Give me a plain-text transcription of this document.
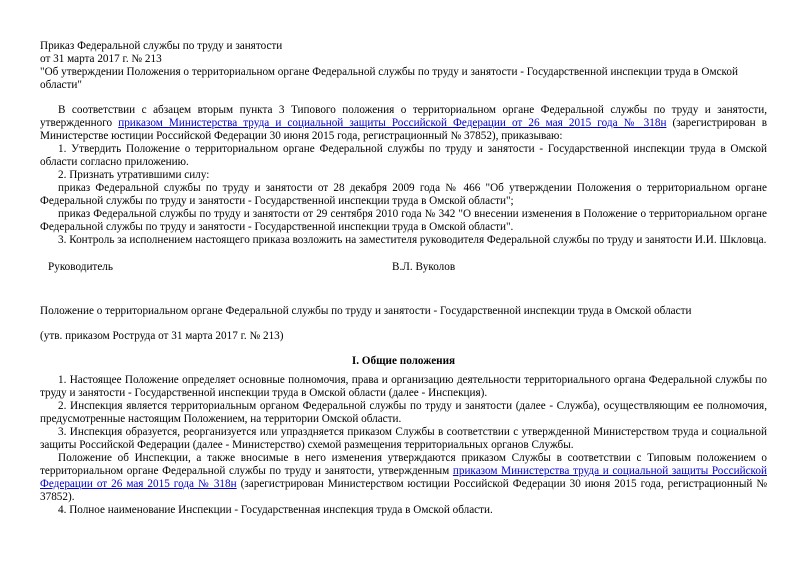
Приказ Федеральной службы по труду и занятости

от 31 марта 2017 г. № 213

"Об утверждении Положения о территориальном органе Федеральной службы по труду и занятости - Государственной инспекции труда в Омской области"

В соответствии с абзацем вторым пункта 3 Типового положения о территориальном органе Федеральной службы по труду и занятости, утвержденного приказом Министерства труда и социальной защиты Российской Федерации от 26 мая 2015 года № 318н (зарегистрирован в Министерстве юстиции Российской Федерации 30 июня 2015 года, регистрационный № 37852), приказываю:

1. Утвердить Положение о территориальном органе Федеральной службы по труду и занятости - Государственной инспекции труда в Омской области согласно приложению.

2. Признать утратившими силу:

приказ Федеральной службы по труду и занятости от 28 декабря 2009 года № 466 "Об утверждении Положения о территориальном органе Федеральной службы по труду и занятости - Государственной инспекции труда в Омской области";

приказ Федеральной службы по труду и занятости от 29 сентября 2010 года № 342 "О внесении изменения в Положение о территориальном органе Федеральной службы по труду и занятости - Государственной инспекции труда в Омской области".

3. Контроль за исполнением настоящего приказа возложить на заместителя руководителя Федеральной службы по труду и занятости И.И. Шкловца.

Руководитель	В.Л. Вуколов

Положение о территориальном органе Федеральной службы по труду и занятости - Государственной инспекции труда в Омской области

(утв. приказом Роструда от 31 марта 2017 г. № 213)

I. Общие положения

1. Настоящее Положение определяет основные полномочия, права и организацию деятельности территориального органа Федеральной службы по труду и занятости - Государственной инспекции труда в Омской области (далее - Инспекция).

2. Инспекция является территориальным органом Федеральной службы по труду и занятости (далее - Служба), осуществляющим ее полномочия, предусмотренные настоящим Положением, на территории Омской области.

3. Инспекция образуется, реорганизуется или упраздняется приказом Службы в соответствии с утвержденной Министерством труда и социальной защиты Российской Федерации (далее - Министерство) схемой размещения территориальных органов Службы.

Положение об Инспекции, а также вносимые в него изменения утверждаются приказом Службы в соответствии с Типовым положением о территориальном органе Федеральной службы по труду и занятости, утвержденным приказом Министерства труда и социальной защиты Российской Федерации от 26 мая 2015 года № 318н (зарегистрирован Министерством юстиции Российской Федерации 30 июня 2015 года, регистрационный № 37852).

4. Полное наименование Инспекции - Государственная инспекция труда в Омской области.
